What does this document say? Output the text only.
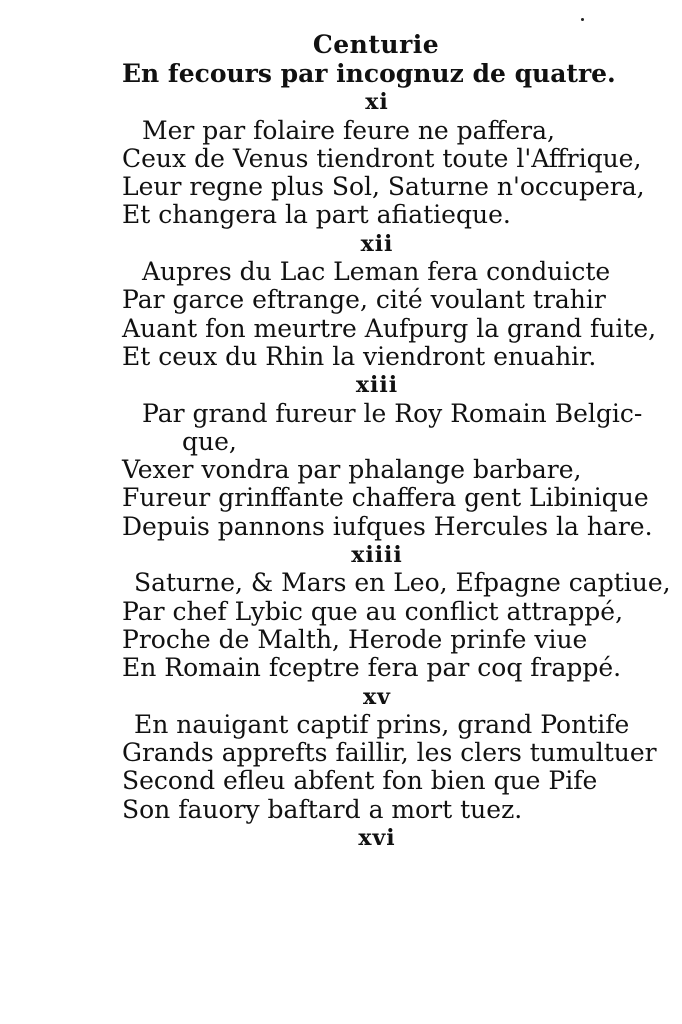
Centurie
En fecours par incognuz de quatre.
xi
Mer par folaire feure ne paffera,
Ceux de Venus tiendront toute l'Affrique,
Leur regne plus Sol, Saturne n'occupera,
Et changera la part afiatieque.
xii
Aupres du Lac Leman fera conduicte
Par garce eftrange, cité voulant trahir
Auant fon meurtre Aufpurg la grand fuite,
Et ceux du Rhin la viendront enuahir.
xiii
Par grand fureur le Roy Romain Belgic-
que,
Vexer vondra par phalange barbare,
Fureur grinffante chaffera gent Libinique
Depuis pannons iufques Hercules la hare.
xiiii
Saturne, & Mars en Leo, Efpagne captiue,
Par chef Lybic que au conflict attrappé,
Proche de Malth, Herode prinfe viue
En Romain fceptre fera par coq frappé.
xv
En nauigant captif prins, grand Pontife
Grands apprefts faillir, les clers tumultuer
Second efleu abfent fon bien que Pife
Son fauory baftard a mort tuez.
xvi
